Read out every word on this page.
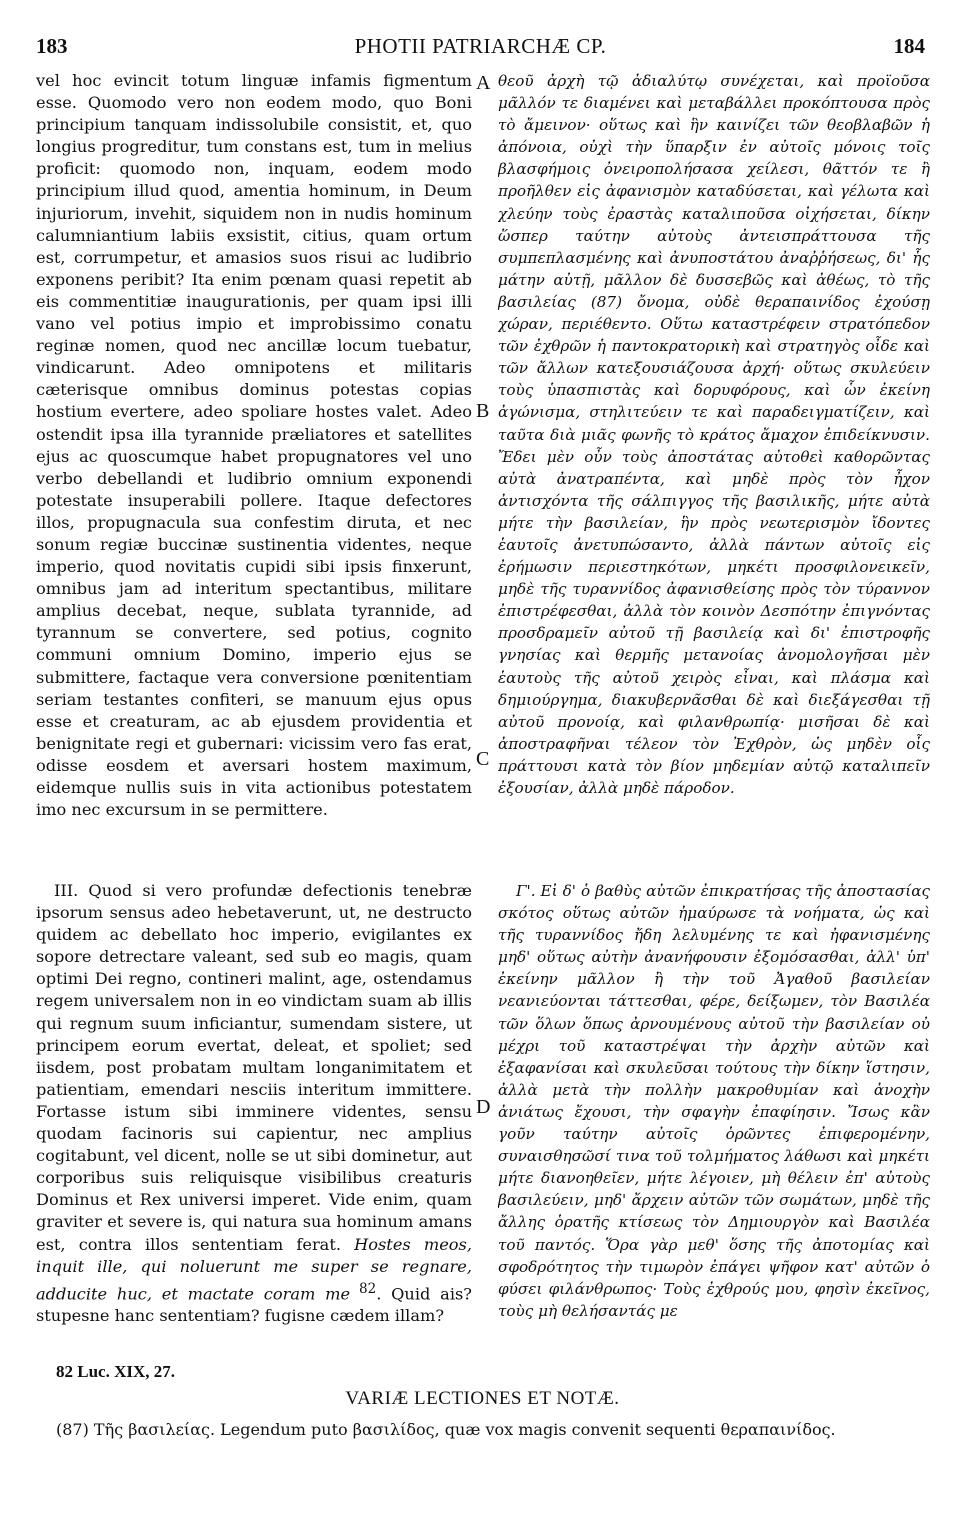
183	PHOTII PATRIARCHÆ CP.	184

vel hoc evincit totum linguæ infamis figmentum esse. Quomodo vero non eodem modo, quo Boni principium tanquam indissolubile consistit, et, quo longius progreditur, tum constans est, tum in melius proficit: quomodo non, inquam, eodem modo principium illud quod, amentia hominum, in Deum injuriorum, invehit, siquidem non in nudis hominum calumniantium labiis exsistit, citius, quam ortum est, corrumpetur, et amasios suos risui ac ludibrio exponens peribit? Ita enim pœnam quasi repetit ab eis commentitiæ inaugurationis, per quam ipsi illi vano vel potius impio et improbissimo conatu reginæ nomen, quod nec ancillæ locum tuebatur, vindicarunt. Adeo omnipotens et militaris cæterisque omnibus dominus potestas copias hostium evertere, adeo spoliare hostes valet. Adeo ostendit ipsa illa tyrannide præliatores et satellites ejus ac quoscumque habet propugnatores vel uno verbo debellandi et ludibrio omnium exponendi potestate insuperabili pollere. Itaque defectores illos, propugnacula sua confestim diruta, et nec sonum regiæ buccinæ sustinentia videntes, neque imperio, quod novitatis cupidi sibi ipsis finxerunt, omnibus jam ad interitum spectantibus, militare amplius decebat, neque, sublata tyrannide, ad tyrannum se convertere, sed potius, cognito communi omnium Domino, imperio ejus se submittere, factaque vera conversione pœnitentiam seriam testantes confiteri, se manuum ejus opus esse et creaturam, ac ab ejusdem providentia et benignitate regi et gubernari: vicissim vero fas erat, odisse eosdem et aversari hostem maximum, eidemque nullis suis in vita actionibus potestatem imo nec excursum in se permittere.

θεοῦ ἀρχὴ τῷ ἀδιαλύτῳ συνέχεται, καὶ προϊοῦσα μᾶλλόν τε διαμένει καὶ μεταβάλλει προκόπτουσα πρὸς τὸ ἄμεινον· οὕτως καὶ ἣν καινίζει τῶν θεοβλαβῶν ἡ ἀπόνοια, οὐχὶ τὴν ὕπαρξιν ἐν αὐτοῖς μόνοις τοῖς βλασφήμοις ὀνειροπολήσασα χείλεσι, θᾶττόν τε ἢ προῆλθεν εἰς ἀφανισμὸν καταδύσεται, καὶ γέλωτα καὶ χλεύην τοὺς ἐραστὰς καταλιποῦσα οἰχήσεται, δίκην ὥσπερ ταύτην αὐτοὺς ἀντεισπράττουσα τῆς συμπεπλασμένης καὶ ἀνυποστάτου ἀναῤῥήσεως, δι' ἧς μάτην αὐτῇ, μᾶλλον δὲ δυσσεβῶς καὶ ἀθέως, τὸ τῆς βασιλείας (87) ὄνομα, οὐδὲ θεραπαινίδος ἐχούσῃ χώραν, περιέθεντο. Οὕτω καταστρέφειν στρατόπεδον τῶν ἐχθρῶν ἡ παντοκρατορικὴ καὶ στρατηγὸς οἶδε καὶ τῶν ἄλλων κατεξουσιάζουσα ἀρχή· οὕτως σκυλεύειν τοὺς ὑπασπιστὰς καὶ δορυφόρους, καὶ ὧν ἐκείνη ἀγώνισμα, στηλιτεύειν τε καὶ παραδειγματίζειν, καὶ ταῦτα διὰ μιᾶς φωνῆς τὸ κράτος ἄμαχον ἐπιδείκνυσιν. Ἔδει μὲν οὖν τοὺς ἀποστάτας αὐτοθεὶ καθορῶντας αὐτὰ ἀνατραπέντα, καὶ μηδὲ πρὸς τὸν ἦχον ἀντισχόντα τῆς σάλπιγγος τῆς βασιλικῆς, μήτε αὐτὰ μήτε τὴν βασιλείαν, ἣν πρὸς νεωτερισμὸν ἴδοντες ἑαυτοῖς ἀνετυπώσαντο, ἀλλὰ πάντων αὐτοῖς εἰς ἐρήμωσιν περιεστηκότων, μηκέτι προσφιλονεικεῖν, μηδὲ τῆς τυραννίδος ἀφανισθείσης πρὸς τὸν τύραννον ἐπιστρέφεσθαι, ἀλλὰ τὸν κοινὸν Δεσπότην ἐπιγνόντας προσδραμεῖν αὐτοῦ τῇ βασιλείᾳ καὶ δι' ἐπιστροφῆς γνησίας καὶ θερμῆς μετανοίας ἀνομολογῆσαι μὲν ἑαυτοὺς τῆς αὐτοῦ χειρὸς εἶναι, καὶ πλάσμα καὶ δημιούργημα, διακυβερνᾶσθαι δὲ καὶ διεξάγεσθαι τῇ αὐτοῦ προνοίᾳ, καὶ φιλανθρωπίᾳ· μισῆσαι δὲ καὶ ἀποστραφῆναι τέλεον τὸν Ἐχθρὸν, ὡς μηδὲν οἷς πράττουσι κατὰ τὸν βίον μηδεμίαν αὐτῷ καταλιπεῖν ἐξουσίαν, ἀλλὰ μηδὲ πάροδον.

A
B
C
D

III. Quod si vero profundæ defectionis tenebræ ipsorum sensus adeo hebetaverunt, ut, ne destructo quidem ac debellato hoc imperio, evigilantes ex sopore detrectare valeant, sed sub eo magis, quam optimi Dei regno, contineri malint, age, ostendamus regem universalem non in eo vindictam suam ab illis qui regnum suum inficiantur, sumendam sistere, ut principem eorum evertat, deleat, et spoliet; sed iisdem, post probatam multam longanimitatem et patientiam, emendari nesciis interitum immittere. Fortasse istum sibi imminere videntes, sensu quodam facinoris sui capientur, nec amplius cogitabunt, vel dicent, nolle se ut sibi dominetur, aut corporibus suis reliquisque visibilibus creaturis Dominus et Rex universi imperet. Vide enim, quam graviter et severe is, qui natura sua hominum amans est, contra illos sententiam ferat. Hostes meos, inquit ille, qui noluerunt me super se regnare, adducite huc, et mactate coram me $^{82}$. Quid ais? stupesne hanc sententiam? fugisne cædem illam?

Γ'. Εἰ δ' ὁ βαθὺς αὐτῶν ἐπικρατήσας τῆς ἀποστασίας σκότος οὕτως αὐτῶν ἠμαύρωσε τὰ νοήματα, ὡς καὶ τῆς τυραννίδος ἤδη λελυμένης τε καὶ ἠφανισμένης μηδ' οὕτως αὐτὴν ἀνανήφουσιν ἐξομόσασθαι, ἀλλ' ὑπ' ἐκείνην μᾶλλον ἢ τὴν τοῦ Ἀγαθοῦ βασιλείαν νεανιεύονται τάττεσθαι, φέρε, δείξωμεν, τὸν Βασιλέα τῶν ὅλων ὅπως ἀρνουμένους αὐτοῦ τὴν βασιλείαν οὐ μέχρι τοῦ καταστρέψαι τὴν ἀρχὴν αὐτῶν καὶ ἐξαφανίσαι καὶ σκυλεῦσαι τούτους τὴν δίκην ἵστησιν, ἀλλὰ μετὰ τὴν πολλὴν μακροθυμίαν καὶ ἀνοχὴν ἀνιάτως ἔχουσι, τὴν σφαγὴν ἐπαφίησιν. Ἴσως κἂν γοῦν ταύτην αὐτοῖς ὁρῶντες ἐπιφερομένην, συναισθησῶσί τινα τοῦ τολμήματος λάθωσι καὶ μηκέτι μήτε διανοηθεῖεν, μήτε λέγοιεν, μὴ θέλειν ἐπ' αὐτοὺς βασιλεύειν, μηδ' ἄρχειν αὐτῶν τῶν σωμάτων, μηδὲ τῆς ἄλλης ὁρατῆς κτίσεως τὸν Δημιουργὸν καὶ Βασιλέα τοῦ παντός. Ὅρα γὰρ μεθ' ὅσης τῆς ἀποτομίας καὶ σφοδρότητος τὴν τιμωρὸν ἐπάγει ψῆφον κατ' αὐτῶν ὁ φύσει φιλάνθρωπος· Τοὺς ἐχθρούς μου, φησὶν ἐκεῖνος, τοὺς μὴ θελήσαντάς με

82 Luc. XIX, 27.
VARIÆ LECTIONES ET NOTÆ.
(87) Τῆς βασιλείας. Legendum puto βασιλίδος, quæ vox magis convenit sequenti θεραπαινίδος.
